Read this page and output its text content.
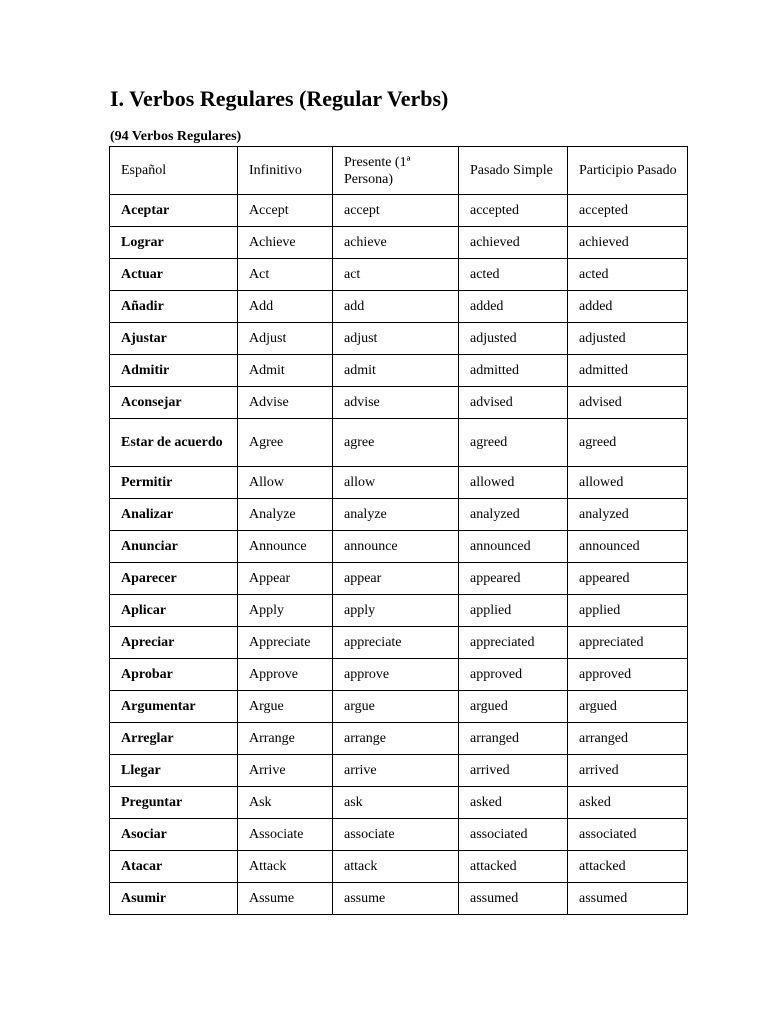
I. Verbos Regulares (Regular Verbs)

(94 Verbos Regulares)

Español	Infinitivo	Presente (1ª Persona)	Pasado Simple	Participio Pasado
Aceptar	Accept	accept	accepted	accepted
Lograr	Achieve	achieve	achieved	achieved
Actuar	Act	act	acted	acted
Añadir	Add	add	added	added
Ajustar	Adjust	adjust	adjusted	adjusted
Admitir	Admit	admit	admitted	admitted
Aconsejar	Advise	advise	advised	advised
Estar de acuerdo	Agree	agree	agreed	agreed
Permitir	Allow	allow	allowed	allowed
Analizar	Analyze	analyze	analyzed	analyzed
Anunciar	Announce	announce	announced	announced
Aparecer	Appear	appear	appeared	appeared
Aplicar	Apply	apply	applied	applied
Apreciar	Appreciate	appreciate	appreciated	appreciated
Aprobar	Approve	approve	approved	approved
Argumentar	Argue	argue	argued	argued
Arreglar	Arrange	arrange	arranged	arranged
Llegar	Arrive	arrive	arrived	arrived
Preguntar	Ask	ask	asked	asked
Asociar	Associate	associate	associated	associated
Atacar	Attack	attack	attacked	attacked
Asumir	Assume	assume	assumed	assumed
